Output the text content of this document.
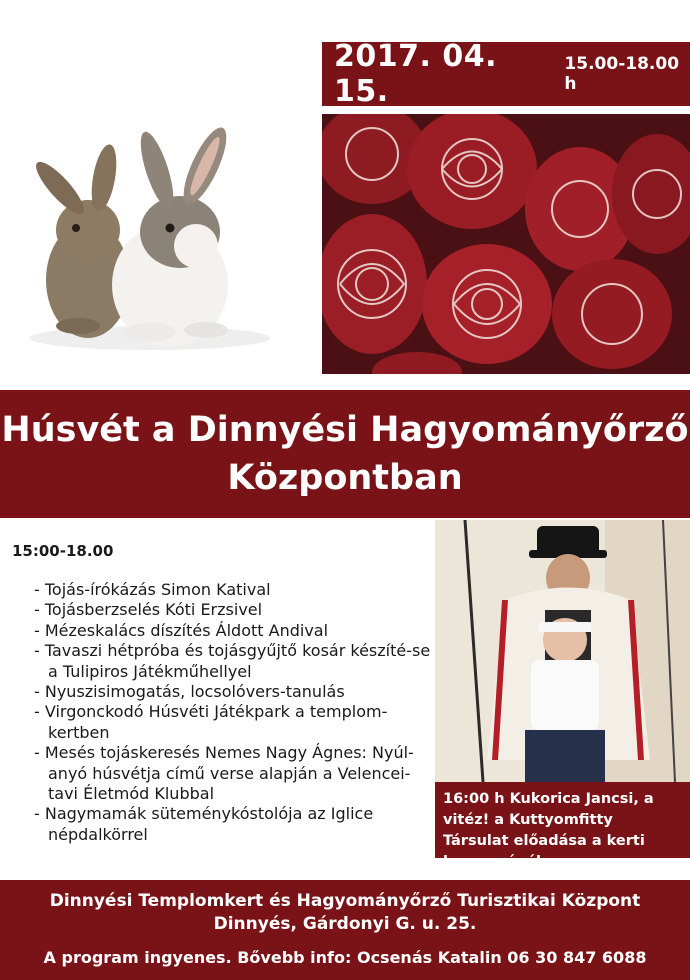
2017. 04. 15.
15.00-18.00 h
Húsvét a Dinnyési Hagyományőrző
Központban
15:00-18.00
- Tojás-írókázás Simon Katival
- Tojásberzselés Kóti Erzsivel
- Mézeskalács díszítés Áldott Andival
- Tavaszi hétpróba és tojásgyűjtő kosár készíté-se a Tulipiros Játékműhellyel
- Nyuszisimogatás, locsolóvers-tanulás
- Virgonckodó Húsvéti Játékpark a templom-kertben
- Mesés tojáskeresés Nemes Nagy Ágnes: Nyúl-anyó húsvétja című verse alapján a Velencei-tavi Életmód Klubbal
- Nagymamák süteménykóstolója az Iglice népdalkörrel
16:00 h Kukorica Jancsi, a vitéz! a Kuttyomfitty Társulat előadása a kerti kemencénél
Dinnyési Templomkert és Hagyományőrző Turisztikai Központ
Dinnyés, Gárdonyi G. u. 25.
A program ingyenes. Bővebb info: Ocsenás Katalin 06 30 847 6088
